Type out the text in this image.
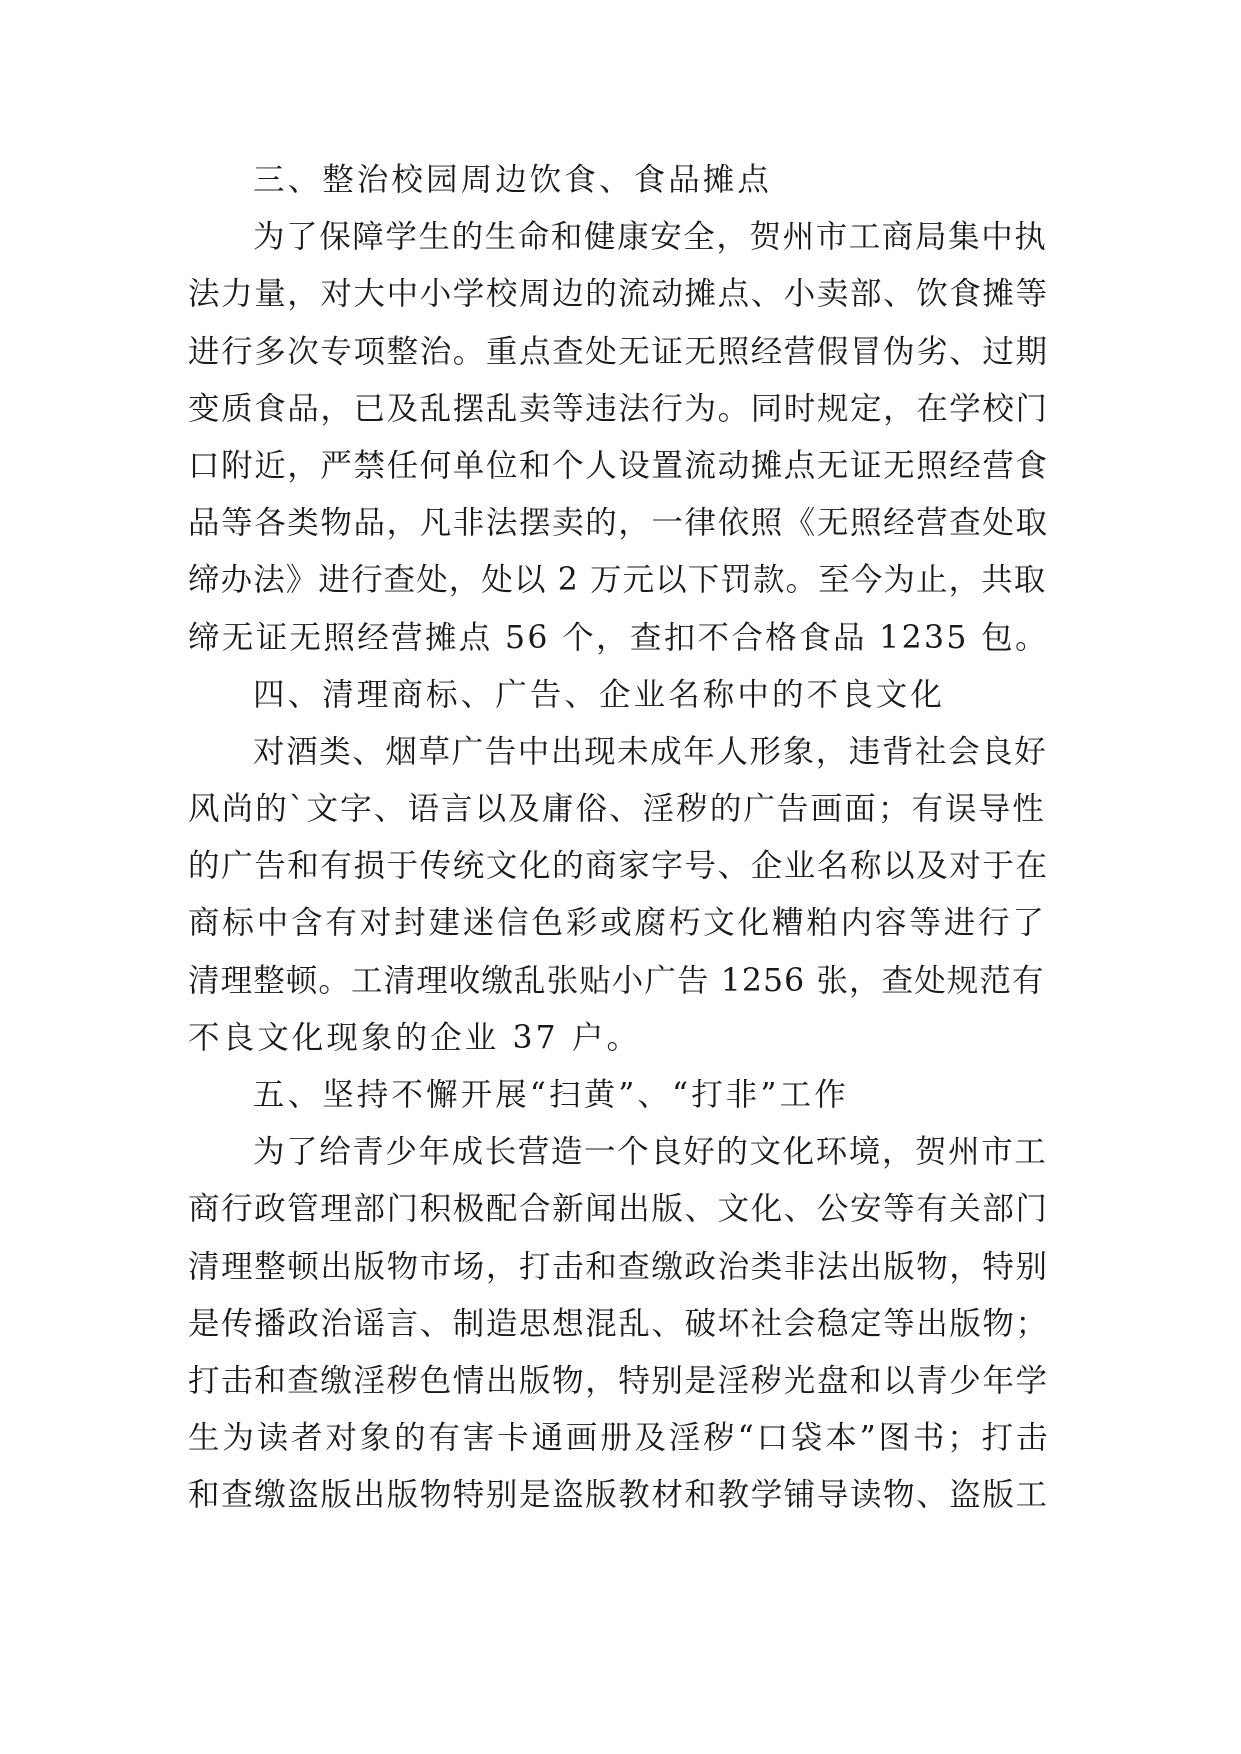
三、整治校园周边饮食、食品摊点
为了保障学生的生命和健康安全，贺州市工商局集中执
法力量，对大中小学校周边的流动摊点、小卖部、饮食摊等
进行多次专项整治。重点查处无证无照经营假冒伪劣、过期
变质食品，已及乱摆乱卖等违法行为。同时规定，在学校门
口附近，严禁任何单位和个人设置流动摊点无证无照经营食
品等各类物品，凡非法摆卖的，一律依照《无照经营查处取
缔办法》进行查处，处以 2 万元以下罚款。至今为止，共取
缔无证无照经营摊点 56 个，查扣不合格食品 1235 包。
四、清理商标、广告、企业名称中的不良文化
对酒类、烟草广告中出现未成年人形象，违背社会良好
风尚的`文字、语言以及庸俗、淫秽的广告画面；有误导性
的广告和有损于传统文化的商家字号、企业名称以及对于在
商标中含有对封建迷信色彩或腐朽文化糟粕内容等进行了
清理整顿。工清理收缴乱张贴小广告 1256 张，查处规范有
不良文化现象的企业 37 户。
五、坚持不懈开展“扫黄”、“打非”工作
为了给青少年成长营造一个良好的文化环境，贺州市工
商行政管理部门积极配合新闻出版、文化、公安等有关部门
清理整顿出版物市场，打击和查缴政治类非法出版物，特别
是传播政治谣言、制造思想混乱、破坏社会稳定等出版物；
打击和查缴淫秽色情出版物，特别是淫秽光盘和以青少年学
生为读者对象的有害卡通画册及淫秽“口袋本”图书；打击
和查缴盗版出版物特别是盗版教材和教学铺导读物、盗版工
